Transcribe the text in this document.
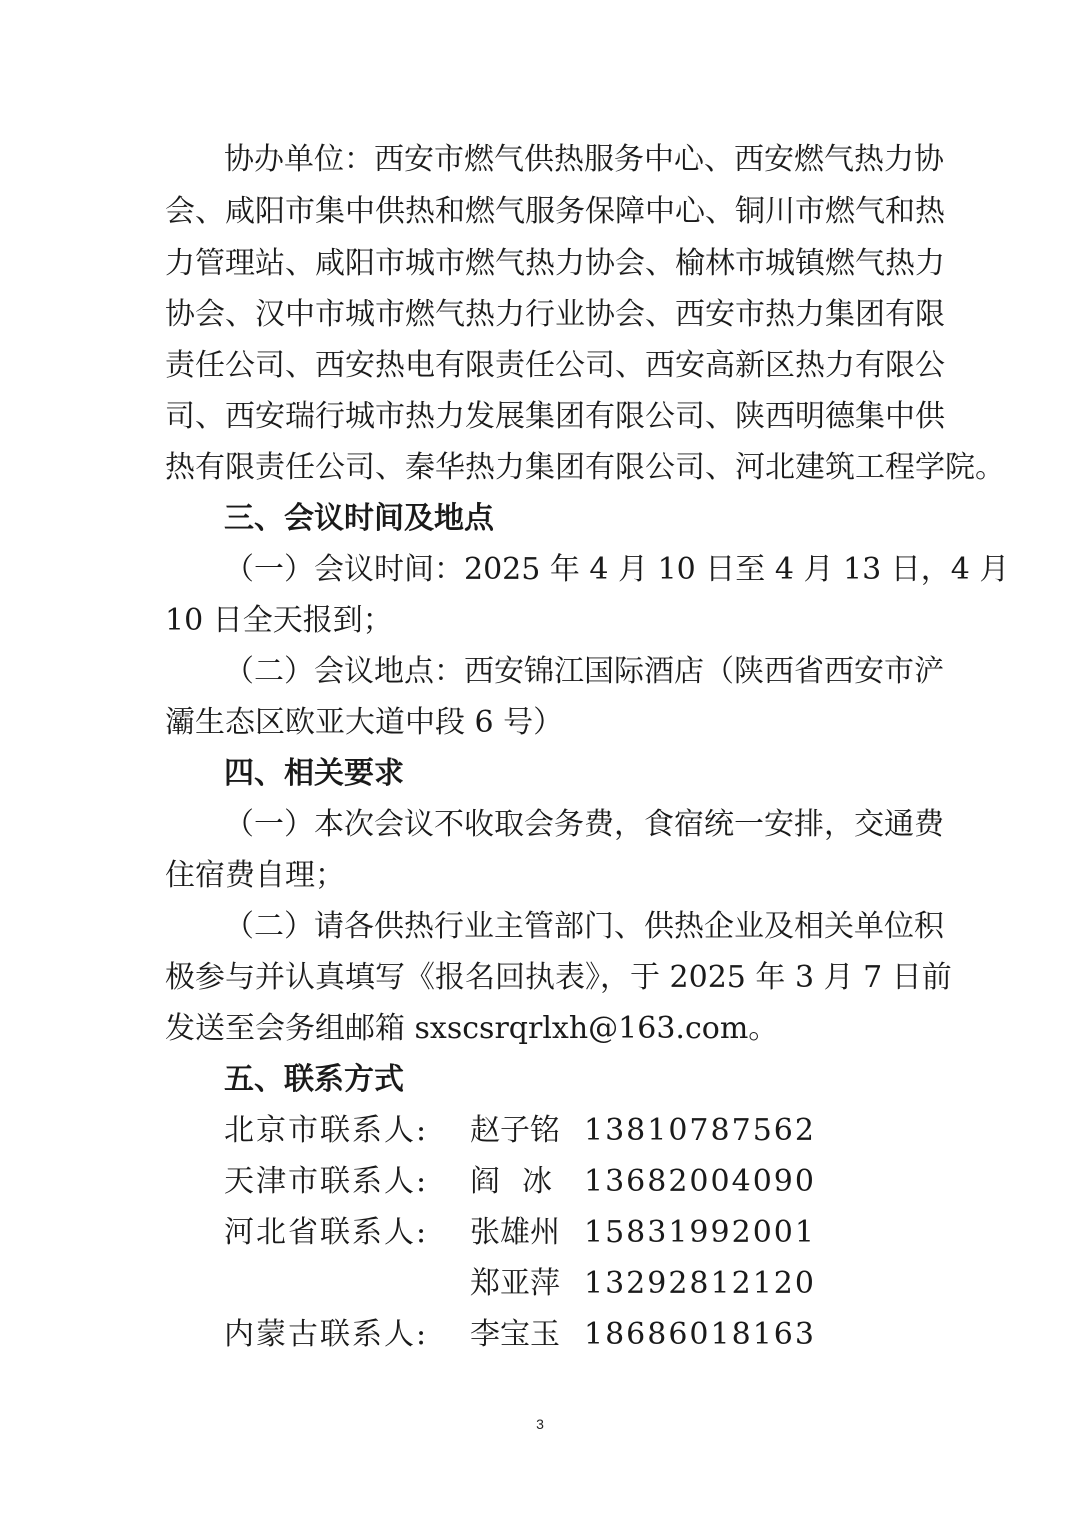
协办单位：西安市燃气供热服务中心、西安燃气热力协
会、咸阳市集中供热和燃气服务保障中心、铜川市燃气和热
力管理站、咸阳市城市燃气热力协会、榆林市城镇燃气热力
协会、汉中市城市燃气热力行业协会、西安市热力集团有限
责任公司、西安热电有限责任公司、西安高新区热力有限公
司、西安瑞行城市热力发展集团有限公司、陕西明德集中供
热有限责任公司、秦华热力集团有限公司、河北建筑工程学院。
三、会议时间及地点
（一）会议时间：2025 年 4 月 10 日至 4 月 13 日，4 月
10 日全天报到；
（二）会议地点：西安锦江国际酒店（陕西省西安市浐
灞生态区欧亚大道中段 6 号）
四、相关要求
（一）本次会议不收取会务费，食宿统一安排，交通费
住宿费自理；
（二）请各供热行业主管部门、供热企业及相关单位积
极参与并认真填写《报名回执表》，于 2025 年 3 月 7 日前
发送至会务组邮箱 sxscsrqrlxh@163.com。
五、联系方式
北京市联系人: 赵子铭 13810787562
天津市联系人: 阎冰 13682004090
河北省联系人: 张雄州 15831992001
郑亚萍 13292812120
内蒙古联系人: 李宝玉 18686018163
3
